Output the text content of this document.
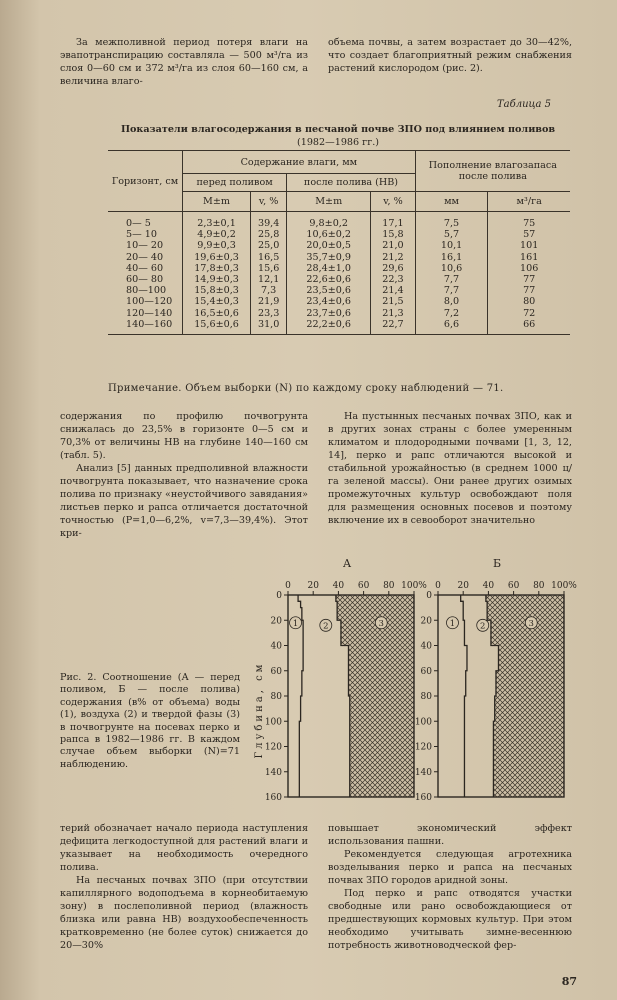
За межполивной период потеря влаги на эвапотранспирацию составляла — 500 м³/га из слоя 0—60 см и 372 м³/га из слоя 60—160 см, а величина влаго-

объема почвы, а затем возрастает до 30—42%, что создает благоприятный режим снабжения растений кислородом (рис. 2).

Таблица 5
Показатели влагосодержания в песчаной почве ЗПО под влиянием поливов
(1982—1986 гг.)
Горизонт, см	Содержание влаги, мм				Пополнение влагозапаса после полива	
	перед поливом		после полива (НВ)			
	M±m	v, %	M±m	v, %	мм	м³/га
0— 5	2,3±0,1	39,4	9,8±0,2	17,1	7,5	75
5— 10	4,9±0,2	25,8	10,6±0,2	15,8	5,7	57
10— 20	9,9±0,3	25,0	20,0±0,5	21,0	10,1	101
20— 40	19,6±0,3	16,5	35,7±0,9	21,2	16,1	161
40— 60	17,8±0,3	15,6	28,4±1,0	29,6	10,6	106
60— 80	14,9±0,3	12,1	22,6±0,6	22,3	7,7	77
80—100	15,8±0,3	7,3	23,5±0,6	21,4	7,7	77
100—120	15,4±0,3	21,9	23,4±0,6	21,5	8,0	80
120—140	16,5±0,6	23,3	23,7±0,6	21,3	7,2	72
140—160	15,6±0,6	31,0	22,2±0,6	22,7	6,6	66
Примечание. Объем выборки (N) по каждому сроку наблюдений — 71.

содержания по профилю почвогрунта снижалась до 23,5% в горизонте 0—5 см и 70,3% от величины НВ на глубине 140—160 см (табл. 5).

Анализ [5] данных предполивной влажности почвогрунта показывает, что назначение срока полива по признаку «неустойчивого завядания» листьев перко и рапса отличается достаточной точностью (P=1,0—6,2%, v=7,3—39,4%). Этот кри-

На пустынных песчаных почвах ЗПО, как и в других зонах страны с более умеренным климатом и плодородными почвами [1, 3, 12, 14], перко и рапс отличаются высокой и стабильной урожайностью (в среднем 1000 ц/га зеленой массы). Они ранее других озимых промежуточных культур освобождают поля для размещения основных посевов и поэтому включение их в севооборот значительно

0 20 40 60 80 100%
А
0
20
40
60
80
100
120
140
160
1	2	3
0 20 40 60 80 100%
Б
0
20
40
60
80
100
120
140
160
1	2	3
Глубина, см
Рис. 2. Соотношение (А — перед поливом, Б — после полива) содержания (в% от объема) воды (1), воздуха (2) и твердой фазы (3) в почвогрунте на посевах перко и рапса в 1982—1986 гг. В каждом случае объем выборки (N)=71 наблюдению.

терий обозначает начало периода наступления дефицита легкодоступной для растений влаги и указывает на необходимость очередного полива.

На песчаных почвах ЗПО (при отсутствии капиллярного водоподъема в корнеобитаемую зону) в послеполивной период (влажность близка или равна НВ) воздухообеспеченность кратковременно (не более суток) снижается до 20—30%

повышает экономический эффект использования пашни.

Рекомендуется следующая агротехника возделывания перко и рапса на песчаных почвах ЗПО городов аридной зоны.

Под перко и рапс отводятся участки свободные или рано освобождающиеся от предшествующих кормовых культур. При этом необходимо учитывать зимне-весеннюю потребность животноводческой фер-

87
